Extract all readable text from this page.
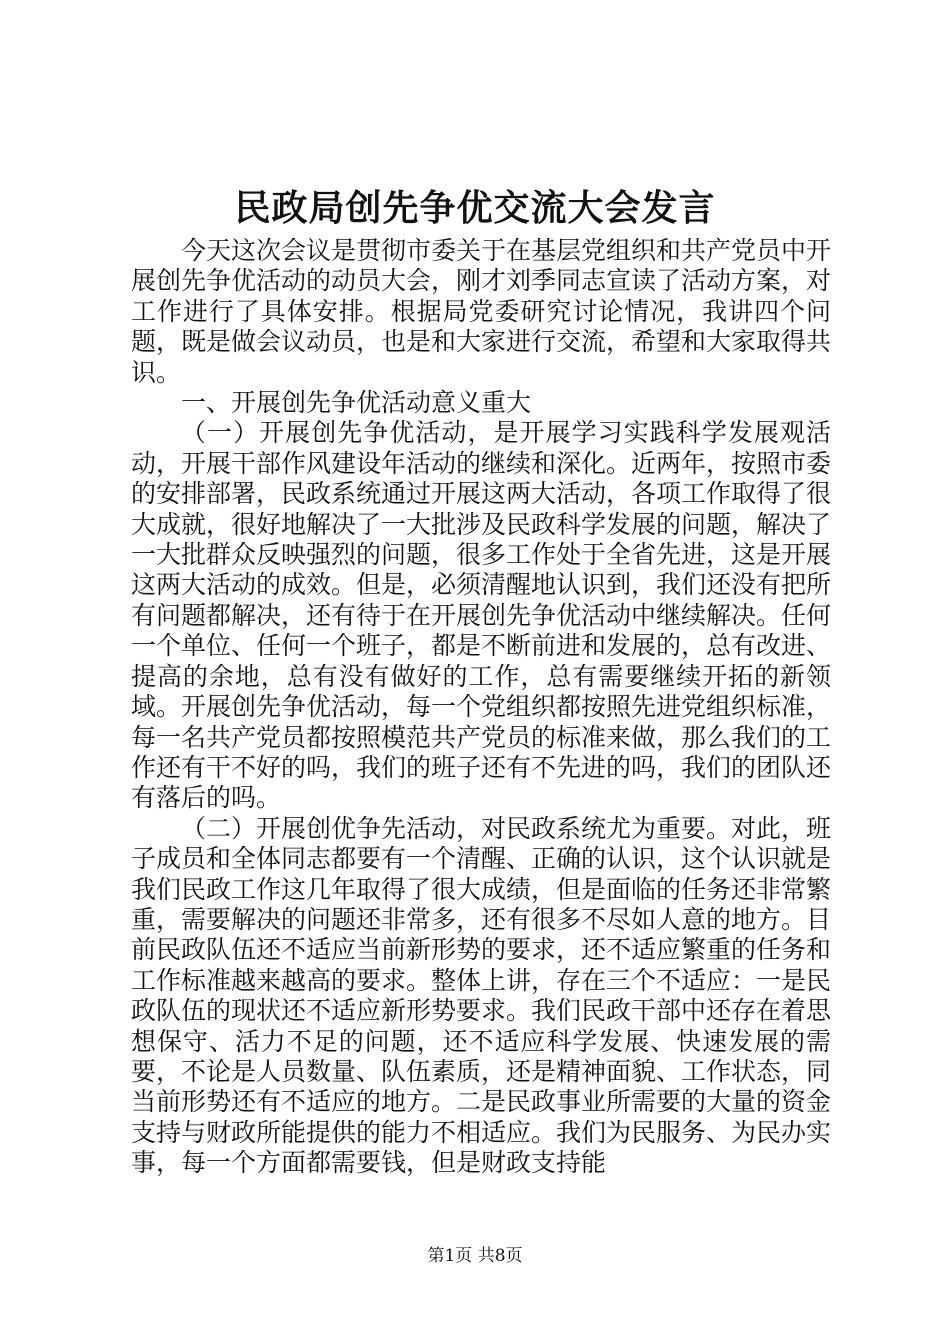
民政局创先争优交流大会发言

今天这次会议是贯彻市委关于在基层党组织和共产党员中开展创先争优活动的动员大会，刚才刘季同志宣读了活动方案，对工作进行了具体安排。根据局党委研究讨论情况，我讲四个问题，既是做会议动员，也是和大家进行交流，希望和大家取得共识。

一、开展创先争优活动意义重大

（一）开展创先争优活动，是开展学习实践科学发展观活动，开展干部作风建设年活动的继续和深化。近两年，按照市委的安排部署，民政系统通过开展这两大活动，各项工作取得了很大成就，很好地解决了一大批涉及民政科学发展的问题，解决了一大批群众反映强烈的问题，很多工作处于全省先进，这是开展这两大活动的成效。但是，必须清醒地认识到，我们还没有把所有问题都解决，还有待于在开展创先争优活动中继续解决。任何一个单位、任何一个班子，都是不断前进和发展的，总有改进、提高的余地，总有没有做好的工作，总有需要继续开拓的新领域。开展创先争优活动，每一个党组织都按照先进党组织标准，每一名共产党员都按照模范共产党员的标准来做，那么我们的工作还有干不好的吗，我们的班子还有不先进的吗，我们的团队还有落后的吗。

（二）开展创优争先活动，对民政系统尤为重要。对此，班子成员和全体同志都要有一个清醒、正确的认识，这个认识就是我们民政工作这几年取得了很大成绩，但是面临的任务还非常繁重，需要解决的问题还非常多，还有很多不尽如人意的地方。目前民政队伍还不适应当前新形势的要求，还不适应繁重的任务和工作标准越来越高的要求。整体上讲，存在三个不适应：一是民政队伍的现状还不适应新形势要求。我们民政干部中还存在着思想保守、活力不足的问题，还不适应科学发展、快速发展的需要，不论是人员数量、队伍素质，还是精神面貌、工作状态，同当前形势还有不适应的地方。二是民政事业所需要的大量的资金支持与财政所能提供的能力不相适应。我们为民服务、为民办实事，每一个方面都需要钱，但是财政支持能

第1页 共8页
